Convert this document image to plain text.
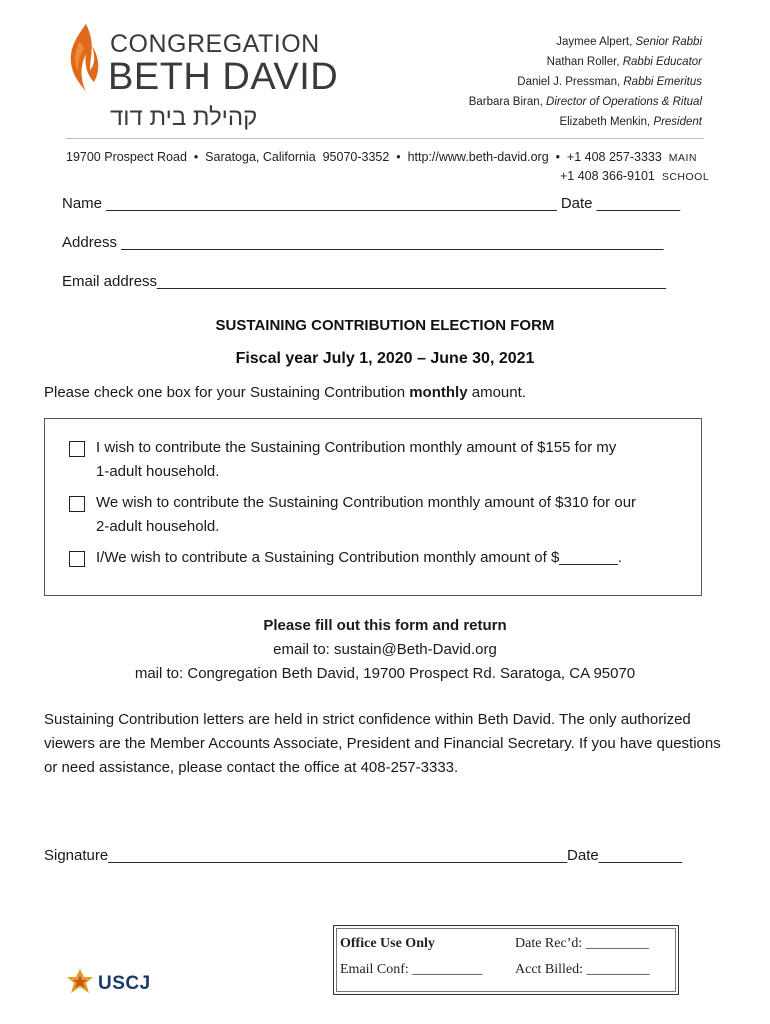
CONGREGATION
BETH DAVID
קהילת בית דוד
Jaymee Alpert, Senior Rabbi
Nathan Roller, Rabbi Educator
Daniel J. Pressman, Rabbi Emeritus
Barbara Biran, Director of Operations & Ritual
Elizabeth Menkin, President
19700 Prospect Road  •  Saratoga, California  95070-3352  •  http://www.beth-david.org  •  +1 408 257-3333 MAIN
+1 408 366-9101 SCHOOL
Name ______________________________________________________ Date __________
Address _________________________________________________________________
Email address_____________________________________________________________
SUSTAINING CONTRIBUTION ELECTION FORM
Fiscal year July 1, 2020 – June 30, 2021
Please check one box for your Sustaining Contribution monthly amount.
I wish to contribute the Sustaining Contribution monthly amount of $155 for my
1-adult household.
We wish to contribute the Sustaining Contribution monthly amount of $310 for our
2-adult household.
I/We wish to contribute a Sustaining Contribution monthly amount of $_______.
Please fill out this form and return
email to: sustain@Beth-David.org
mail to: Congregation Beth David, 19700 Prospect Rd. Saratoga, CA 95070
Sustaining Contribution letters are held in strict confidence within Beth David. The only authorized viewers are the Member Accounts Associate, President and Financial Secretary. If you have questions or need assistance, please contact the office at 408-257-3333.
Signature_______________________________________________________Date__________
Office Use Only	Date Rec’d: _________
Email Conf: __________ Acct Billed: _________
USCJ
